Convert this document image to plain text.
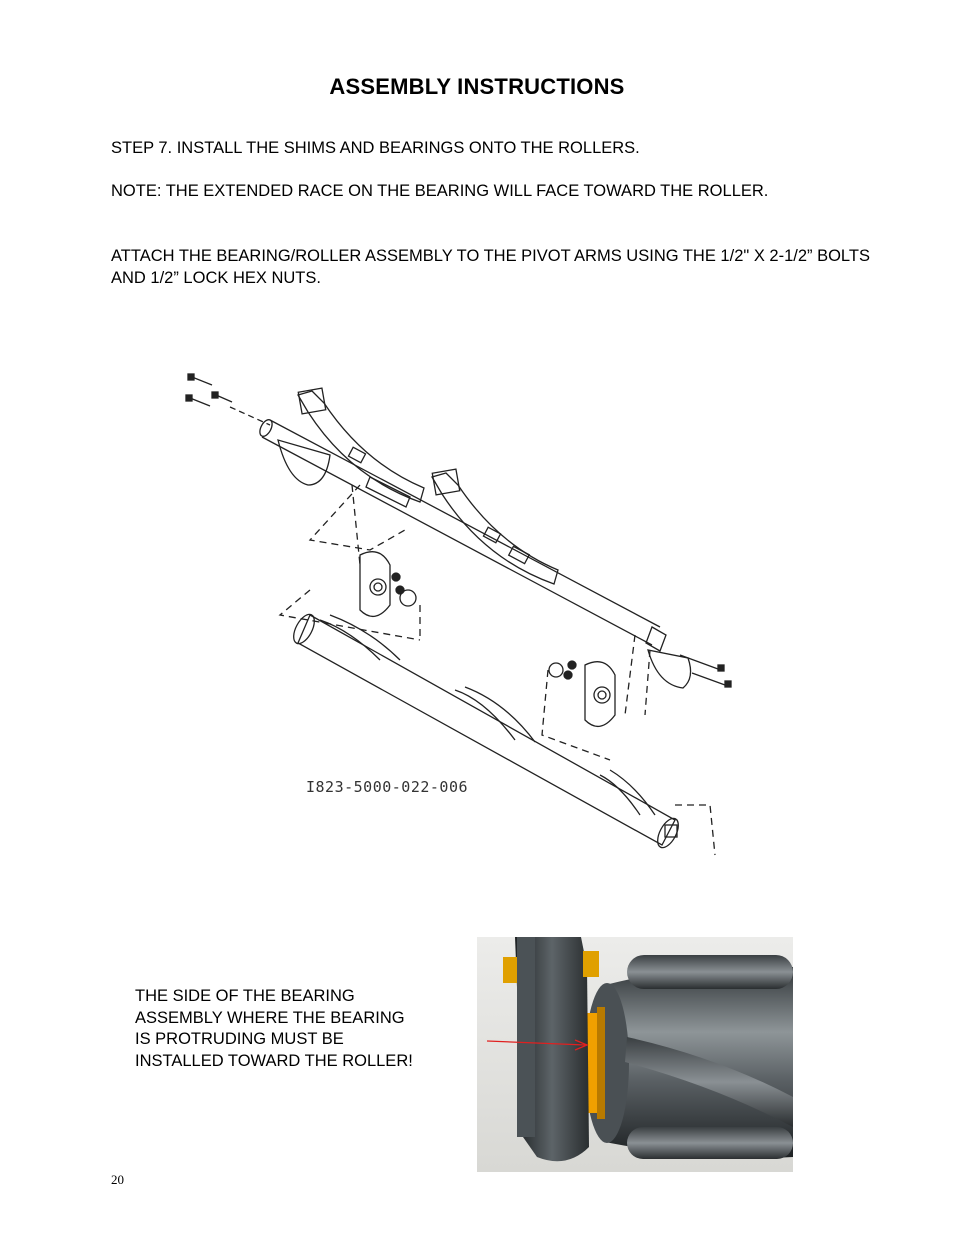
ASSEMBLY INSTRUCTIONS
STEP 7. INSTALL THE SHIMS AND BEARINGS ONTO THE ROLLERS.
NOTE: THE EXTENDED RACE ON THE BEARING WILL FACE TOWARD THE ROLLER.
ATTACH THE BEARING/ROLLER ASSEMBLY TO THE PIVOT ARMS USING THE 1/2" X 2-1/2” BOLTS AND 1/2” LOCK HEX NUTS.
I823-5000-022-006
THE SIDE OF THE BEARING ASSEMBLY WHERE THE BEARING IS PROTRUDING MUST BE INSTALLED TOWARD THE ROLLER!
20
